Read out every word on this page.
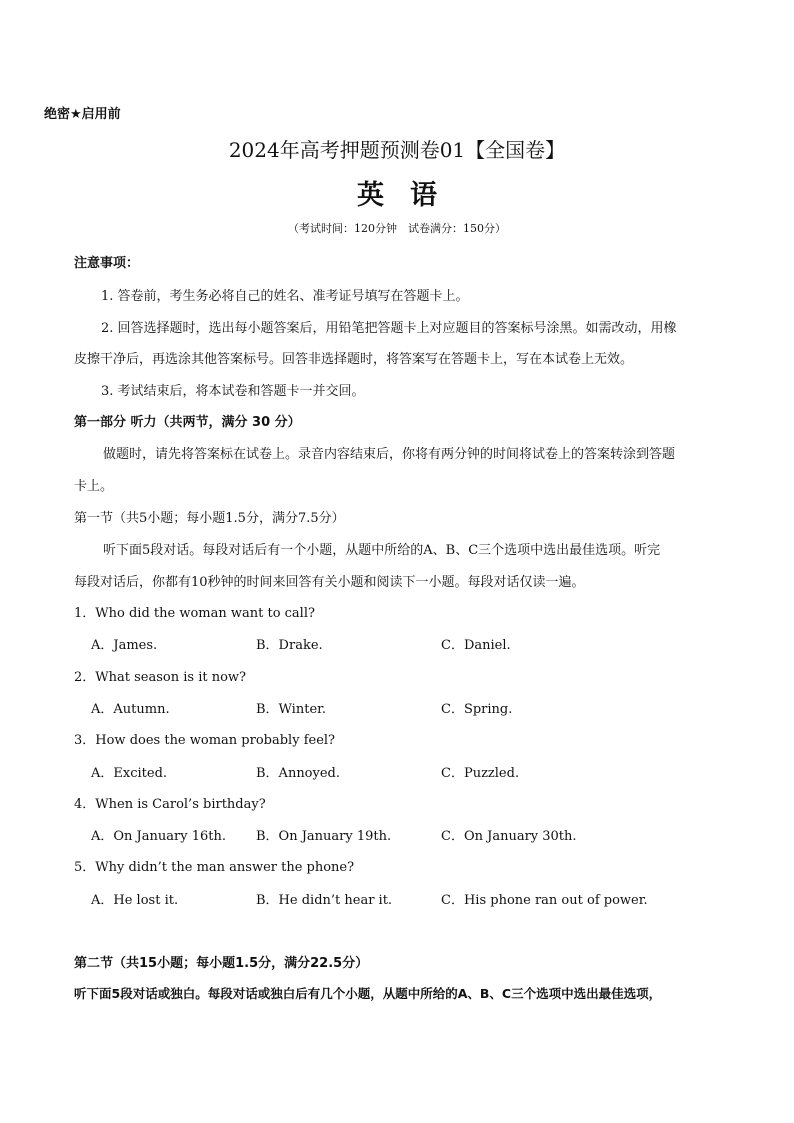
绝密★启用前
2024年高考押题预测卷01【全国卷】
英语
（考试时间：120分钟　试卷满分：150分）
注意事项：
1. 答卷前，考生务必将自己的姓名、准考证号填写在答题卡上。
2. 回答选择题时，选出每小题答案后，用铅笔把答题卡上对应题目的答案标号涂黑。如需改动，用橡
皮擦干净后，再选涂其他答案标号。回答非选择题时，将答案写在答题卡上，写在本试卷上无效。
3. 考试结束后，将本试卷和答题卡一并交回。
第一部分 听力（共两节，满分 30 分）
做题时，请先将答案标在试卷上。录音内容结束后，你将有两分钟的时间将试卷上的答案转涂到答题
卡上。
第一节（共5小题；每小题1.5分，满分7.5分）
听下面5段对话。每段对话后有一个小题，从题中所给的A、B、C三个选项中选出最佳选项。听完
每段对话后，你都有10秒钟的时间来回答有关小题和阅读下一小题。每段对话仅读一遍。
1．Who did the woman want to call?
A．James.	B．Drake.	C．Daniel.
2．What season is it now?
A．Autumn.	B．Winter.	C．Spring.
3．How does the woman probably feel?
A．Excited.	B．Annoyed.	C．Puzzled.
4．When is Carol’s birthday?
A．On January 16th. B．On January 19th.	C．On January 30th.
5．Why didn’t the man answer the phone?
A．He lost it.	B．He didn’t hear it.	C．His phone ran out of power.
第二节（共15小题；每小题1.5分，满分22.5分）
听下面5段对话或独白。每段对话或独白后有几个小题，从题中所给的A、B、C三个选项中选出最佳选项，
